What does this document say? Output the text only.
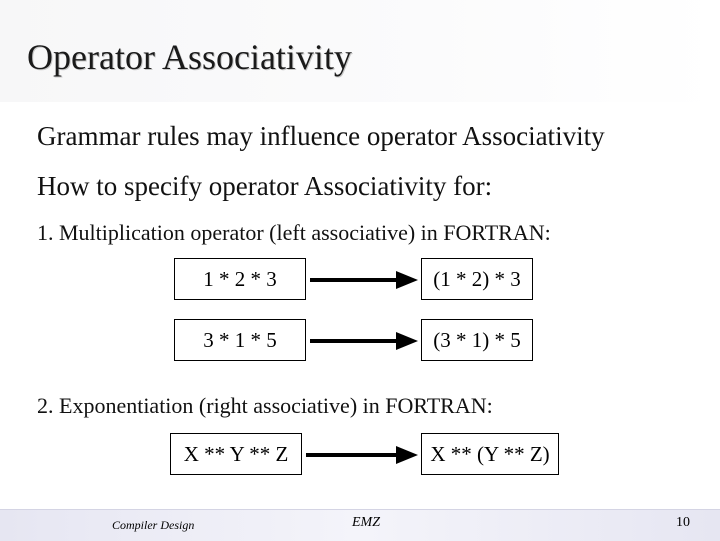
Operator Associativity

Grammar rules may influence operator Associativity

How to specify operator Associativity for:

1. Multiplication operator (left associative) in FORTRAN:

1 * 2 * 3	(1 * 2) * 3
3 * 1 * 5	(3 * 1) * 5

2. Exponentiation (right associative) in FORTRAN:

X ** Y ** Z	X ** (Y ** Z)
Compiler Design	EMZ	10
